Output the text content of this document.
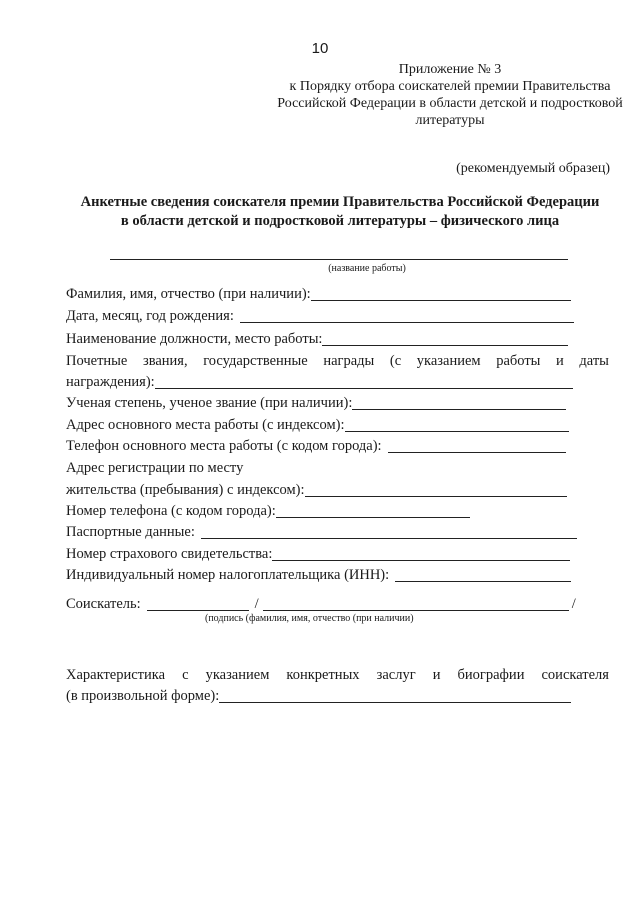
10
Приложение № 3
к Порядку отбора соискателей премии Правительства
Российской Федерации в области детской и подростковой
литературы
(рекомендуемый образец)
Анкетные сведения соискателя премии Правительства Российской Федерации
в области детской и подростковой литературы – физического лица
(название работы)
Фамилия, имя, отчество (при наличии):
Дата, месяц, год рождения:
Наименование должности, место работы:
Почетные звания, государственные награды (с указанием работы и даты
награждения):
Ученая степень, ученое звание (при наличии):
Адрес основного места работы (с индексом):
Телефон основного места работы (с кодом города):
Адрес регистрации по месту
жительства (пребывания) с индексом):
Номер телефона (с кодом города):
Паспортные данные:
Номер страхового свидетельства:
Индивидуальный номер налогоплательщика (ИНН):
Соискатель:	/	/
(подпись (фамилия, имя, отчество (при наличии)
Характеристика с указанием конкретных заслуг и биографии соискателя
(в произвольной форме):
